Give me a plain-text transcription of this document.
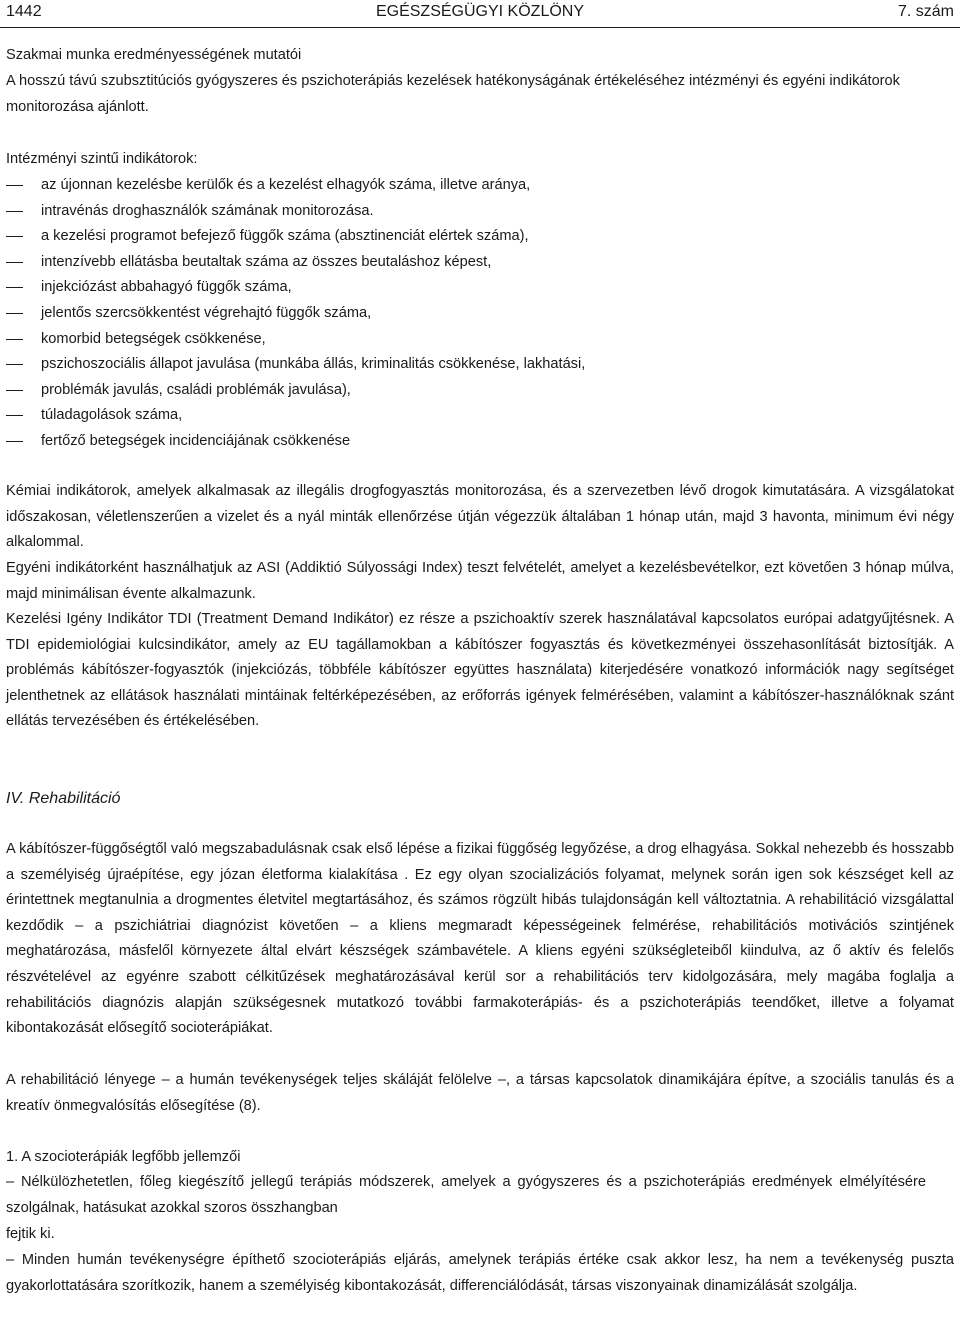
1442	EGÉSZSÉGÜGYI KÖZLÖNY	7. szám

Szakmai munka eredményességének mutatói

A hosszú távú szubsztitúciós gyógyszeres és pszichoterápiás kezelések hatékonyságának értékeléséhez intézményi és egyéni indikátorok monitorozása ajánlott.

Intézményi szintű indikátorok:

az újonnan kezelésbe kerülők és a kezelést elhagyók száma, illetve aránya,
intravénás droghasználók számának monitorozása.
a kezelési programot befejező függők száma (absztinenciát elértek száma),
intenzívebb ellátásba beutaltak száma az összes beutaláshoz képest,
injekciózást abbahagyó függők száma,
jelentős szercsökkentést végrehajtó függők száma,
komorbid betegségek csökkenése,
pszichoszociális állapot javulása (munkába állás, kriminalitás csökkenése, lakhatási,
problémák javulás, családi problémák javulása),
túladagolások száma,
fertőző betegségek incidenciájának csökkenése

Kémiai indikátorok, amelyek alkalmasak az illegális drogfogyasztás monitorozása, és a szervezetben lévő drogok kimutatására. A vizsgálatokat időszakosan, véletlenszerűen a vizelet és a nyál minták ellenőrzése útján végezzük általában 1 hónap után, majd 3 havonta, minimum évi négy alkalommal.

Egyéni indikátorként használhatjuk az ASI (Addiktió Súlyossági Index) teszt felvételét, amelyet a kezelésbevételkor, ezt követően 3 hónap múlva, majd minimálisan évente alkalmazunk.

Kezelési Igény Indikátor TDI (Treatment Demand Indikátor) ez része a pszichoaktív szerek használatával kapcsolatos európai adatgyűjtésnek. A TDI epidemiológiai kulcsindikátor, amely az EU tagállamokban a kábítószer fogyasztás és következményei összehasonlítását biztosítják. A problémás kábítószer-fogyasztók (injekciózás, többféle kábítószer együttes használata) kiterjedésére vonatkozó információk nagy segítséget jelenthetnek az ellátások használati mintáinak feltérképezésében, az erőforrás igények felmérésében, valamint a kábítószer-használóknak szánt ellátás tervezésében és értékelésében.

IV. Rehabilitáció

A kábítószer-függőségtől való megszabadulásnak csak első lépése a fizikai függőség legyőzése, a drog elhagyása. Sokkal nehezebb és hosszabb a személyiség újraépítése, egy józan életforma kialakítása . Ez egy olyan szocializációs folyamat, melynek során igen sok készséget kell az érintettnek megtanulnia a drogmentes életvitel megtartásához, és számos rögzült hibás tulajdonságán kell változtatnia. A rehabilitáció vizsgálattal kezdődik – a pszichiátriai diagnózist követően – a kliens megmaradt képességeinek felmérése, rehabilitációs motivációs szintjének meghatározása, másfelől környezete által elvárt készségek számbavétele. A kliens egyéni szükségleteiből kiindulva, az ő aktív és felelős részvételével az egyénre szabott célkitűzések meghatározásával kerül sor a rehabilitációs terv kidolgozására, mely magába foglalja a rehabilitációs diagnózis alapján szükségesnek mutatkozó további farmakoterápiás- és a pszichoterápiás teendőket, illetve a folyamat kibontakozását elősegítő socioterápiákat.

A rehabilitáció lényege – a humán tevékenységek teljes skáláját felölelve –, a társas kapcsolatok dinamikájára építve, a szociális tanulás és a kreatív önmegvalósítás elősegítése (8).

1. A szocioterápiák legfőbb jellemzői

– Nélkülözhetetlen, főleg kiegészítő jellegű terápiás módszerek, amelyek a gyógyszeres és a pszichoterápiás eredmények elmélyítésére szolgálnak, hatásukat azokkal szoros összhangban

fejtik ki.

– Minden humán tevékenységre építhető szocioterápiás eljárás, amelynek terápiás értéke csak akkor lesz, ha nem a tevékenység puszta gyakorlottatására szorítkozik, hanem a személyiség kibontakozását, differenciálódását, társas viszonyainak dinamizálását szolgálja.
